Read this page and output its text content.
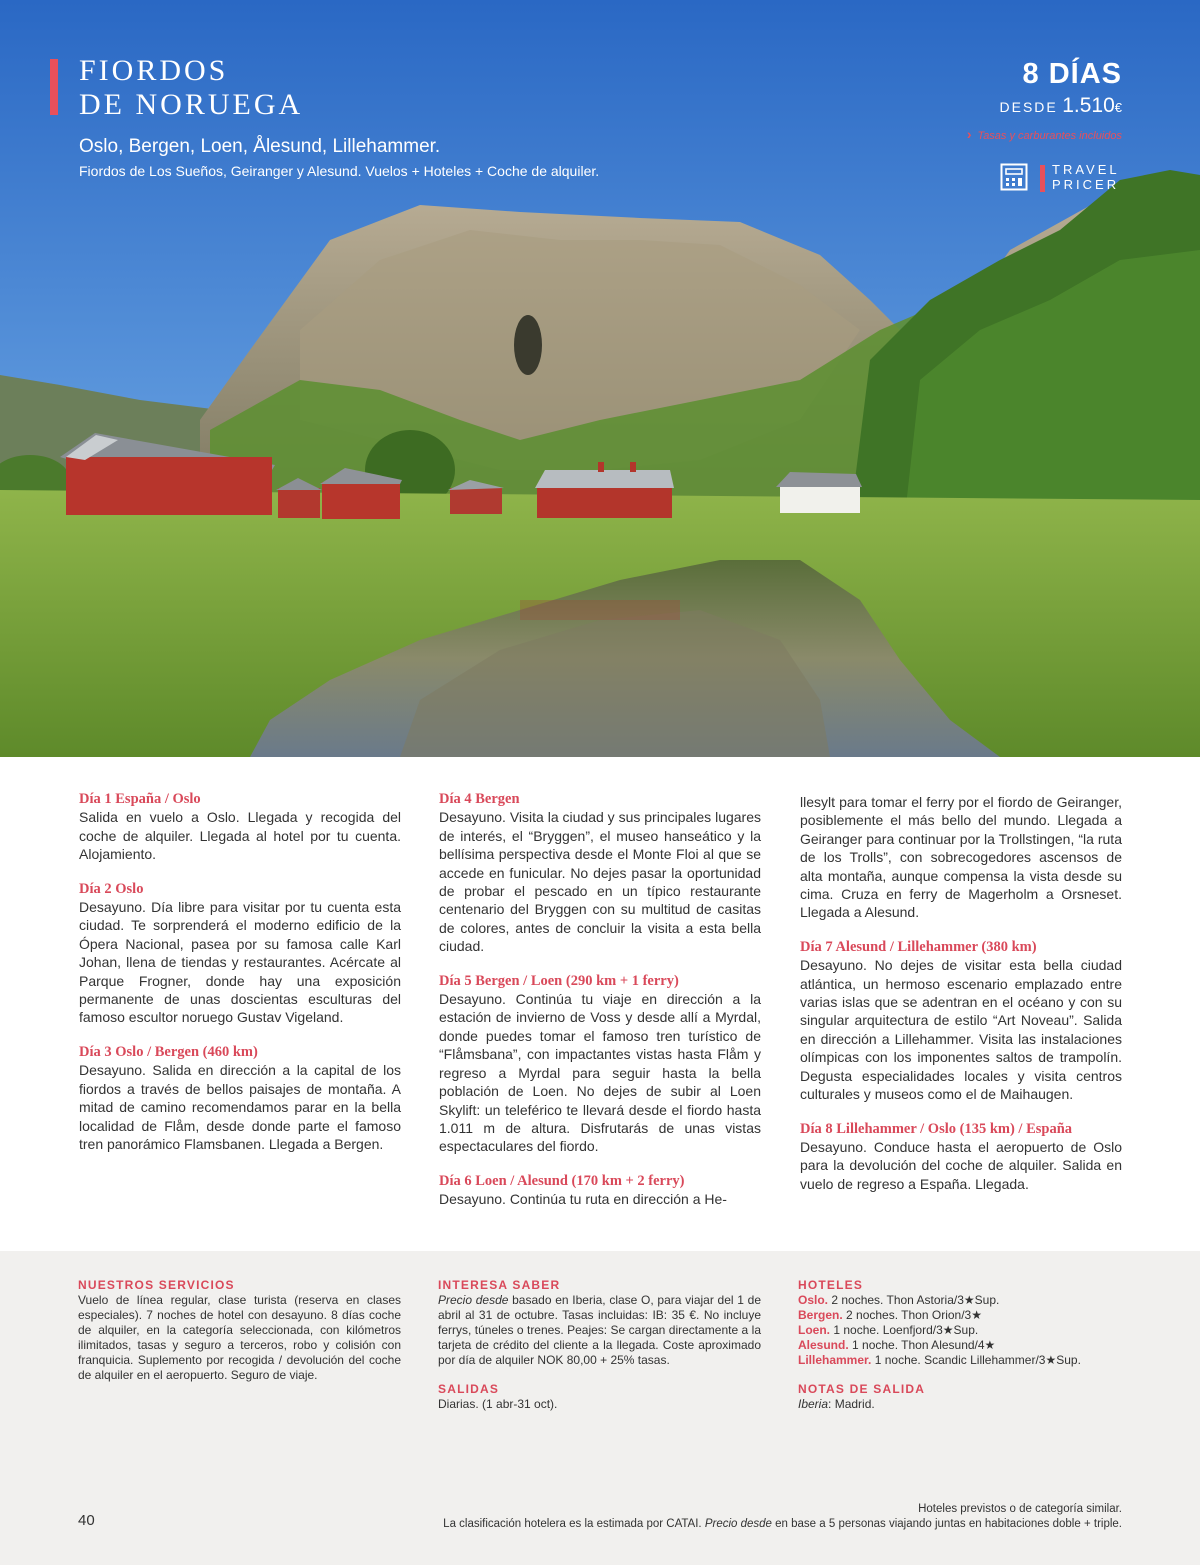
FIORDOS
DE NORUEGA
Oslo, Bergen, Loen, Ålesund, Lillehammer.
Fiordos de Los Sueños, Geiranger y Alesund. Vuelos + Hoteles + Coche de alquiler.
8 DÍAS
DESDE 1.510€
› Tasas y carburantes incluidos
TRAVEL
PRICER
Día 1 España / Oslo

Salida en vuelo a Oslo. Llegada y recogida del coche de alquiler. Llegada al hotel por tu cuenta. Alojamiento.

Día 2 Oslo

Desayuno. Día libre para visitar por tu cuenta esta ciudad. Te sorprenderá el moderno edificio de la Ópera Nacional, pasea por su famosa calle Karl Johan, llena de tiendas y restaurantes. Acércate al Parque Frogner, donde hay una exposición permanente de unas doscientas esculturas del famoso escultor noruego Gustav Vigeland.

Día 3 Oslo / Bergen (460 km)

Desayuno. Salida en dirección a la capital de los fiordos a través de bellos paisajes de montaña. A mitad de camino recomendamos parar en la bella localidad de Flåm, desde donde parte el famoso tren panorámico Flamsbanen. Llegada a Bergen.

Día 4 Bergen

Desayuno. Visita la ciudad y sus principales lugares de interés, el “Bryggen”, el museo hanseático y la bellísima perspectiva desde el Monte Floi al que se accede en funicular. No dejes pasar la oportunidad de probar el pescado en un típico restaurante centenario del Bryggen con su multitud de casitas de colores, antes de concluir la visita a esta bella ciudad.

Día 5 Bergen / Loen (290 km + 1 ferry)

Desayuno. Continúa tu viaje en dirección a la estación de invierno de Voss y desde allí a Myrdal, donde puedes tomar el famoso tren turístico de “Flåmsbana”, con impactantes vistas hasta Flåm y regreso a Myrdal para seguir hasta la bella población de Loen. No dejes de subir al Loen Skylift: un teleférico te llevará desde el fiordo hasta 1.011 m de altura. Disfrutarás de unas vistas espectaculares del fiordo.

Día 6 Loen / Alesund (170 km + 2 ferry)

Desayuno. Continúa tu ruta en dirección a He-

llesylt para tomar el ferry por el fiordo de Geiranger, posiblemente el más bello del mundo. Llegada a Geiranger para continuar por la Trollstingen, “la ruta de los Trolls”, con sobrecogedores ascensos de alta montaña, aunque compensa la vista desde su cima. Cruza en ferry de Magerholm a Orsneset. Llegada a Alesund.

Día 7 Alesund / Lillehammer (380 km)

Desayuno. No dejes de visitar esta bella ciudad atlántica, un hermoso escenario emplazado entre varias islas que se adentran en el océano y con su singular arquitectura de estilo “Art Noveau”. Salida en dirección a Lillehammer. Visita las instalaciones olímpicas con los imponentes saltos de trampolín. Degusta especialidades locales y visita centros culturales y museos como el de Maihaugen.

Día 8 Lillehammer / Oslo (135 km) / España

Desayuno. Conduce hasta el aeropuerto de Oslo para la devolución del coche de alquiler. Salida en vuelo de regreso a España. Llegada.

NUESTROS SERVICIOS
Vuelo de línea regular, clase turista (reserva en clases especiales). 7 noches de hotel con desayuno. 8 días coche de alquiler, en la categoría seleccionada, con kilómetros ilimitados, tasas y seguro a terceros, robo y colisión con franquicia. Suplemento por recogida / devolución del coche de alquiler en el aeropuerto. Seguro de viaje.
INTERESA SABER
Precio desde basado en Iberia, clase O, para viajar del 1 de abril al 31 de octubre. Tasas incluidas: IB: 35 €. No incluye ferrys, túneles o trenes. Peajes: Se cargan directamente a la tarjeta de crédito del cliente a la llegada. Coste aproximado por día de alquiler NOK 80,00 + 25% tasas.
SALIDAS
Diarias. (1 abr-31 oct).
HOTELES
Oslo. 2 noches. Thon Astoria/3★Sup.
Bergen. 2 noches. Thon Orion/3★
Loen. 1 noche. Loenfjord/3★Sup.
Alesund. 1 noche. Thon Alesund/4★
Lillehammer. 1 noche. Scandic Lillehammer/3★Sup.
NOTAS DE SALIDA
Iberia: Madrid.
40
Hoteles previstos o de categoría similar.
La clasificación hotelera es la estimada por CATAI. Precio desde en base a 5 personas viajando juntas en habitaciones doble + triple.
